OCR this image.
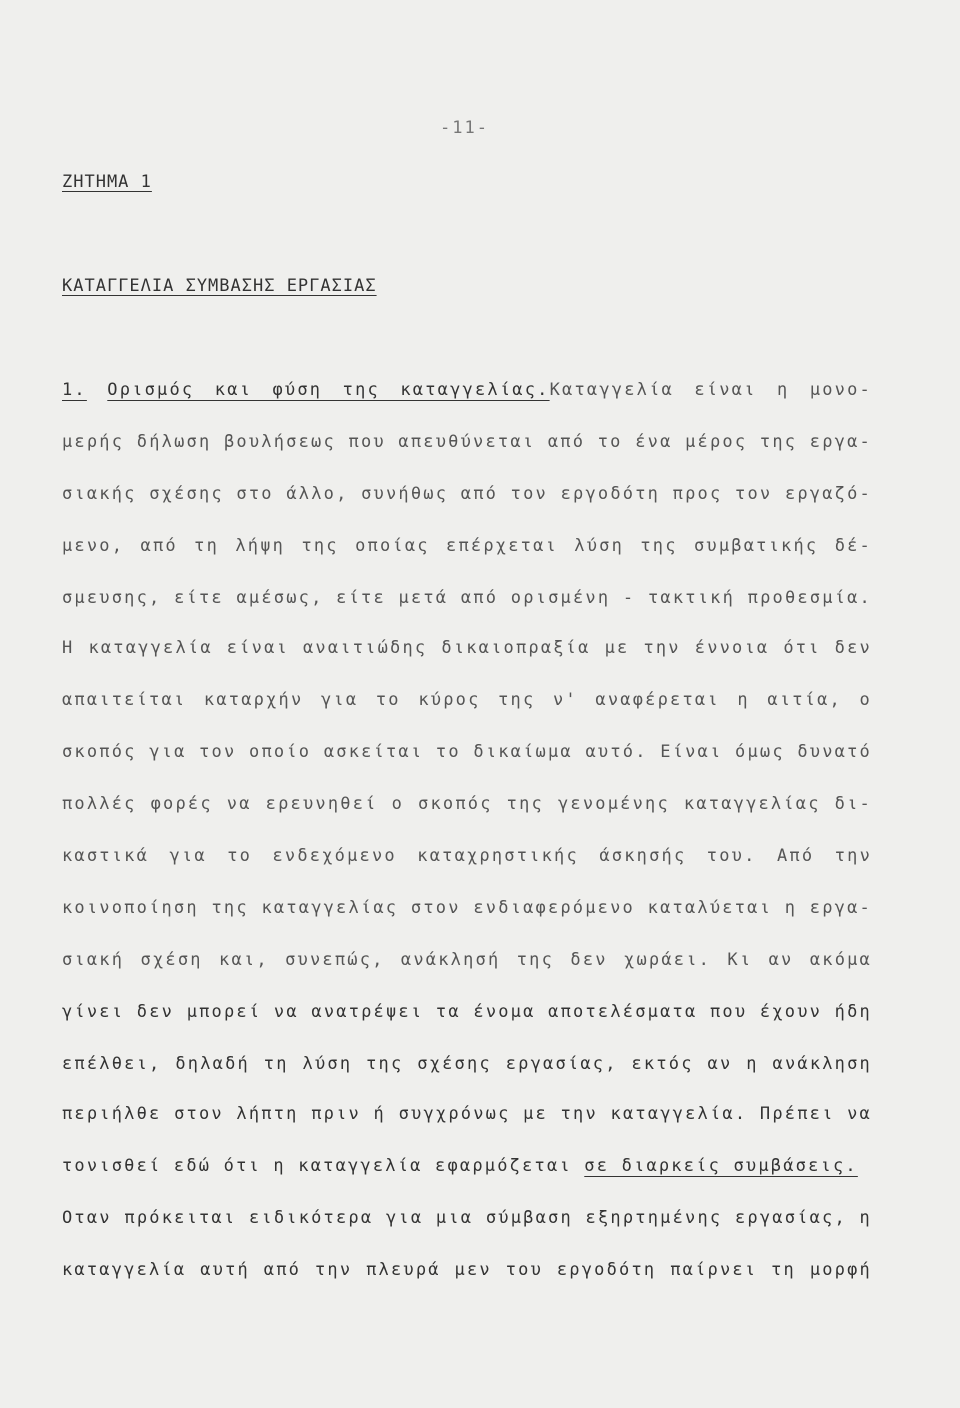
-11-
ΖΗΤΗΜΑ 1
ΚΑΤΑΓΓΕΛΙΑ ΣΥΜΒΑΣΗΣ ΕΡΓΑΣΙΑΣ
1. Ορισμός και φύση της καταγγελίας.Καταγγελία είναι η μονο-
μερής δήλωση βουλήσεως που απευθύνεται από το ένα μέρος της εργα-
σιακής σχέσης στο άλλο, συνήθως από τον εργοδότη προς τον εργαζό-
μενο, από τη λήψη της οποίας επέρχεται λύση της συμβατικής δέ-
σμευσης, είτε αμέσως, είτε μετά από ορισμένη - τακτική προθεσμία.
Η καταγγελία είναι αναιτιώδης δικαιοπραξία με την έννοια ότι δεν
απαιτείται καταρχήν για το κύρος της ν' αναφέρεται η αιτία, ο
σκοπός για τον οποίο ασκείται το δικαίωμα αυτό. Είναι όμως δυνατό
πολλές φορές να ερευνηθεί ο σκοπός της γενομένης καταγγελίας δι-
καστικά για το ενδεχόμενο καταχρηστικής άσκησής του. Από την
κοινοποίηση της καταγγελίας στον ενδιαφερόμενο καταλύεται η εργα-
σιακή σχέση και, συνεπώς, ανάκλησή της δεν χωράει. Κι αν ακόμα
γίνει δεν μπορεί να ανατρέψει τα ένομα αποτελέσματα που έχουν ήδη
επέλθει, δηλαδή τη λύση της σχέσης εργασίας, εκτός αν η ανάκληση
περιήλθε στον λήπτη πριν ή συγχρόνως με την καταγγελία. Πρέπει να
τονισθεί εδώ ότι η καταγγελία εφαρμόζεται σε διαρκείς συμβάσεις.
Οταν πρόκειται ειδικότερα για μια σύμβαση εξηρτημένης εργασίας, η
καταγγελία αυτή από την πλευρά μεν του εργοδότη παίρνει τη μορφή
